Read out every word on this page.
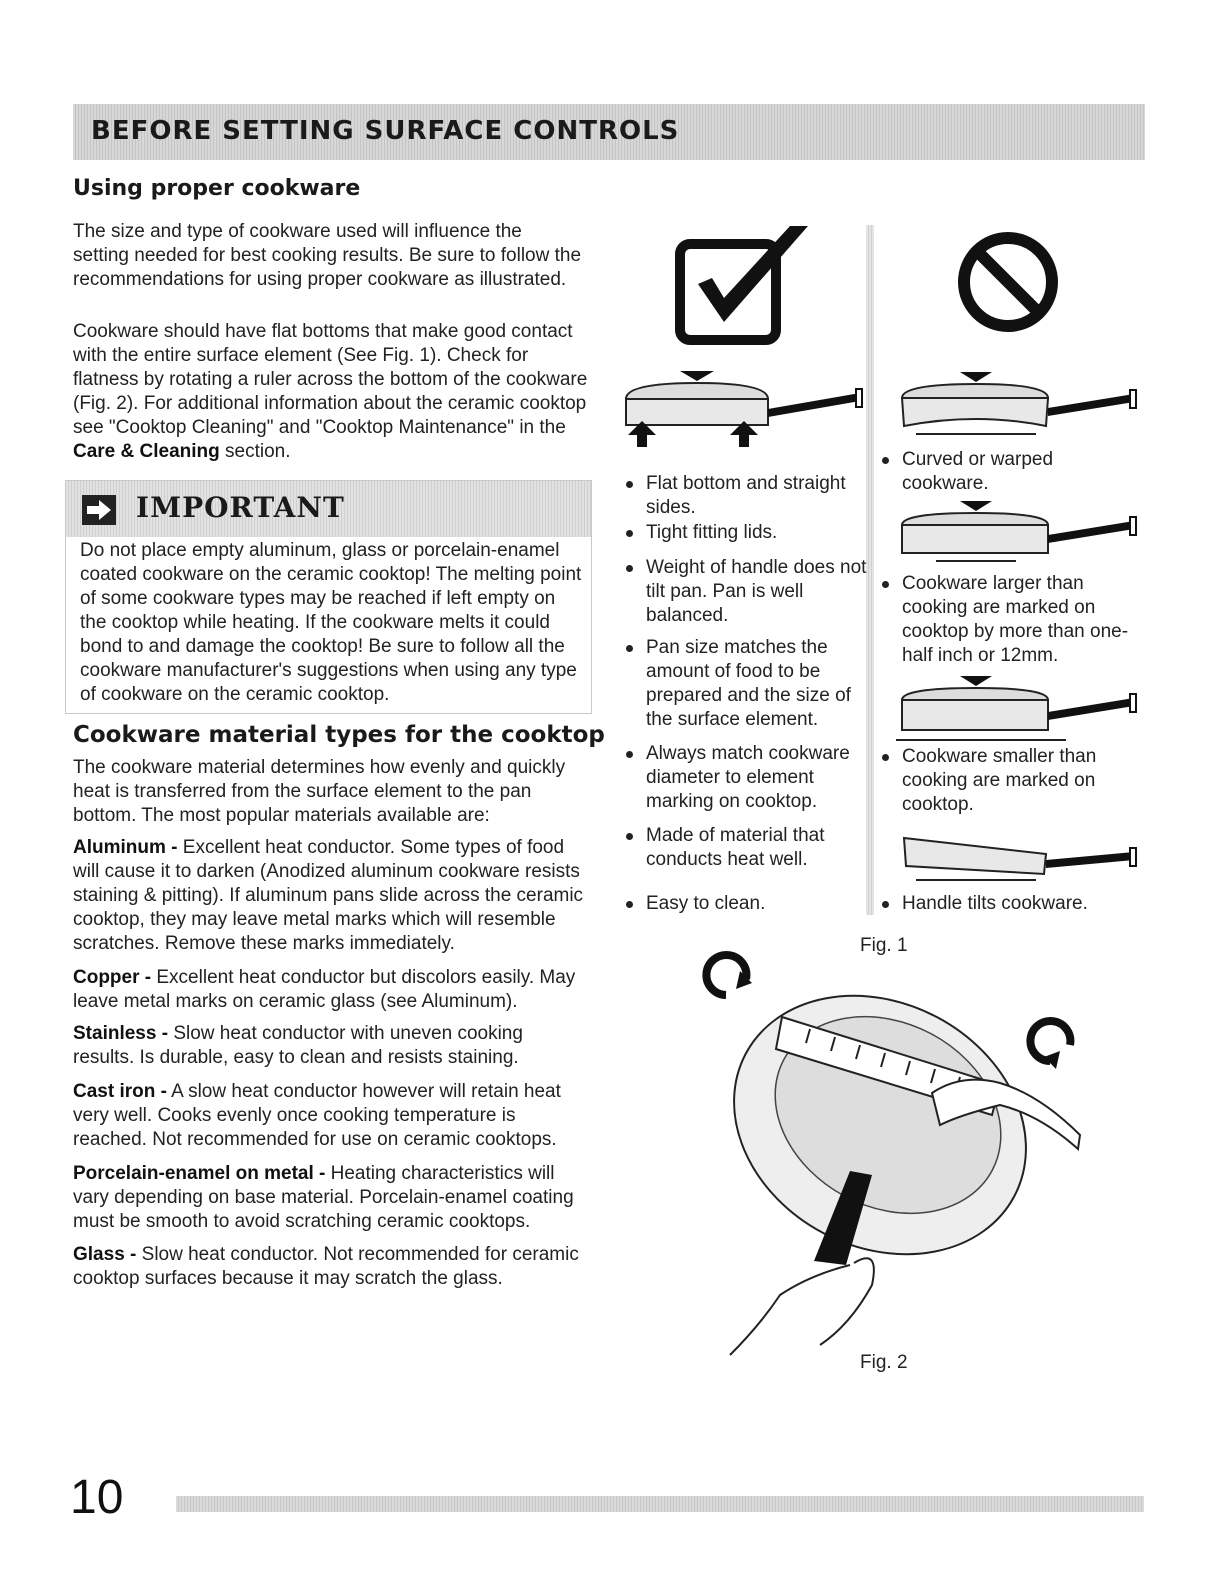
BEFORE SETTING SURFACE CONTROLS
Using proper cookware

The size and type of cookware used will influence the setting needed for best cooking results. Be sure to follow the recommendations for using proper cookware as illustrated.

Cookware should have flat bottoms that make good contact with the entire surface element (See Fig. 1). Check for flatness by rotating a ruler across the bottom of the cookware (Fig. 2). For additional information about the ceramic cooktop see "Cooktop Cleaning" and "Cooktop Maintenance" in the Care & Cleaning section.

IMPORTANT

Do not place empty aluminum, glass or porcelain-enamel coated cookware on the ceramic cooktop! The melting point of some cookware types may be reached if left empty on the cooktop while heating. If the cookware melts it could bond to and damage the cooktop! Be sure to follow all the cookware manufacturer's suggestions when using any type of cookware on the ceramic cooktop.

Cookware material types for the cooktop

The cookware material determines how evenly and quickly heat is transferred from the surface element to the pan bottom. The most popular materials available are:

Aluminum - Excellent heat conductor. Some types of food will cause it to darken (Anodized aluminum cookware resists staining & pitting). If aluminum pans slide across the ceramic cooktop, they may leave metal marks which will resemble scratches. Remove these marks immediately.

Copper - Excellent heat conductor but discolors easily. May leave metal marks on ceramic glass (see Aluminum).

Stainless - Slow heat conductor with uneven cooking results. Is durable, easy to clean and resists staining.

Cast iron - A slow heat conductor however will retain heat very well. Cooks evenly once cooking temperature is reached. Not recommended for use on ceramic cooktops.

Porcelain-enamel on metal - Heating characteristics will vary depending on base material. Porcelain-enamel coating must be smooth to avoid scratching ceramic cooktops.

Glass - Slow heat conductor. Not recommended for ceramic cooktop surfaces because it may scratch the glass.

Flat bottom and straight sides.

Tight fitting lids.

Weight of handle does not tilt pan. Pan is well balanced.

Pan size matches the amount of food to be prepared and the size of the surface element.

Always match cookware diameter to element marking on cooktop.

Made of material that conducts heat well.

Easy to clean.

Curved or warped cookware.

Cookware larger than cooking are marked on cooktop by more than one-half inch or 12mm.

Cookware smaller than cooking are marked on cooktop.

Handle tilts cookware.

Fig. 1

Fig. 2

10
